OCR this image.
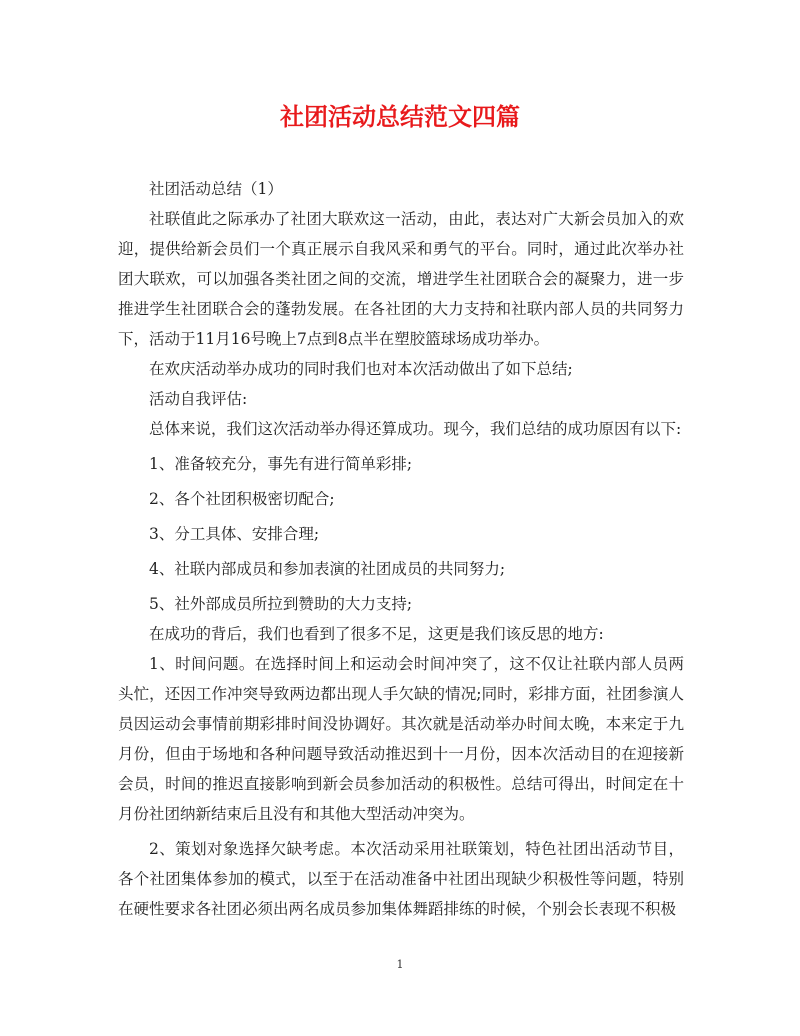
社团活动总结范文四篇

社团活动总结（1）

社联值此之际承办了社团大联欢这一活动，由此，表达对广大新会员加入的欢迎，提供给新会员们一个真正展示自我风采和勇气的平台。同时，通过此次举办社团大联欢，可以加强各类社团之间的交流，增进学生社团联合会的凝聚力，进一步推进学生社团联合会的蓬勃发展。在各社团的大力支持和社联内部人员的共同努力下，活动于11月16号晚上7点到8点半在塑胶篮球场成功举办。

在欢庆活动举办成功的同时我们也对本次活动做出了如下总结;

活动自我评估:

总体来说，我们这次活动举办得还算成功。现今，我们总结的成功原因有以下:

1、准备较充分，事先有进行简单彩排;

2、各个社团积极密切配合;

3、分工具体、安排合理;

4、社联内部成员和参加表演的社团成员的共同努力;

5、社外部成员所拉到赞助的大力支持;

在成功的背后，我们也看到了很多不足，这更是我们该反思的地方:

1、时间问题。在选择时间上和运动会时间冲突了，这不仅让社联内部人员两头忙，还因工作冲突导致两边都出现人手欠缺的情况;同时，彩排方面，社团参演人员因运动会事情前期彩排时间没协调好。其次就是活动举办时间太晚，本来定于九月份，但由于场地和各种问题导致活动推迟到十一月份，因本次活动目的在迎接新会员，时间的推迟直接影响到新会员参加活动的积极性。总结可得出，时间定在十月份社团纳新结束后且没有和其他大型活动冲突为。

2、策划对象选择欠缺考虑。本次活动采用社联策划，特色社团出活动节目，各个社团集体参加的模式，以至于在活动准备中社团出现缺少积极性等问题，特别在硬性要求各社团必须出两名成员参加集体舞蹈排练的时候，个别会长表现不积极

1
